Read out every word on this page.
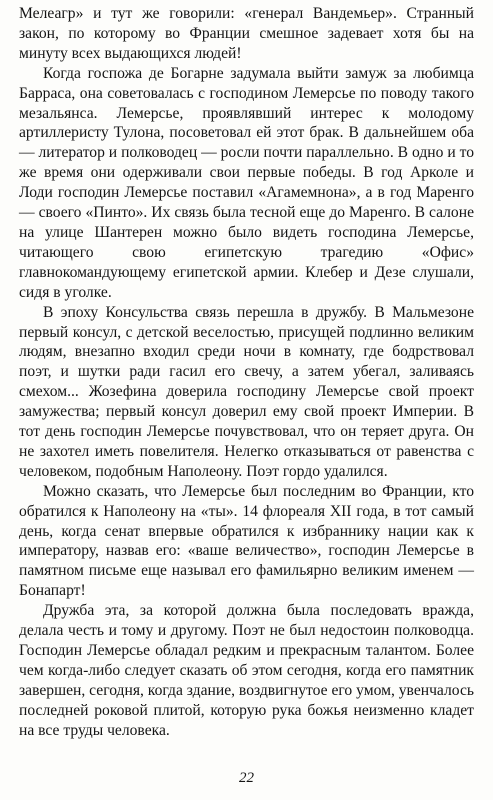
Мелеагр» и тут же говорили: «генерал Вандемьер». Странный закон, по которому во Франции смешное задевает хотя бы на минуту всех выдающихся людей!

Когда госпожа де Богарне задумала выйти замуж за любимца Барраса, она советовалась с господином Лемерсье по поводу такого мезальянса. Лемерсье, проявлявший интерес к молодому артиллеристу Тулона, посоветовал ей этот брак. В дальнейшем оба — литератор и полководец — росли почти параллельно. В одно и то же время они одерживали свои первые победы. В год Арколе и Лоди господин Лемерсье поставил «Агамемнона», а в год Маренго — своего «Пинто». Их связь была тесной еще до Маренго. В салоне на улице Шантерен можно было видеть господина Лемерсье, читающего свою египетскую трагедию «Офис» главнокомандующему египетской армии. Клебер и Дезе слушали, сидя в уголке.

В эпоху Консульства связь перешла в дружбу. В Мальмезоне первый консул, с детской веселостью, присущей подлинно великим людям, внезапно входил среди ночи в комнату, где бодрствовал поэт, и шутки ради гасил его свечу, а затем убегал, заливаясь смехом... Жозефина доверила господину Лемерсье свой проект замужества; первый консул доверил ему свой проект Империи. В тот день господин Лемерсье почувствовал, что он теряет друга. Он не захотел иметь повелителя. Нелегко отказываться от равенства с человеком, подобным Наполеону. Поэт гордо удалился.

Можно сказать, что Лемерсье был последним во Франции, кто обратился к Наполеону на «ты». 14 флореаля XII года, в тот самый день, когда сенат впервые обратился к избраннику нации как к императору, назвав его: «ваше величество», господин Лемерсье в памятном письме еще называл его фамильярно великим именем — Бонапарт!

Дружба эта, за которой должна была последовать вражда, делала честь и тому и другому. Поэт не был недостоин полководца. Господин Лемерсье обладал редким и прекрасным талантом. Более чем когда-либо следует сказать об этом сегодня, когда его памятник завершен, сегодня, когда здание, воздвигнутое его умом, увенчалось последней роковой плитой, которую рука божья неизменно кладет на все труды человека.

22
